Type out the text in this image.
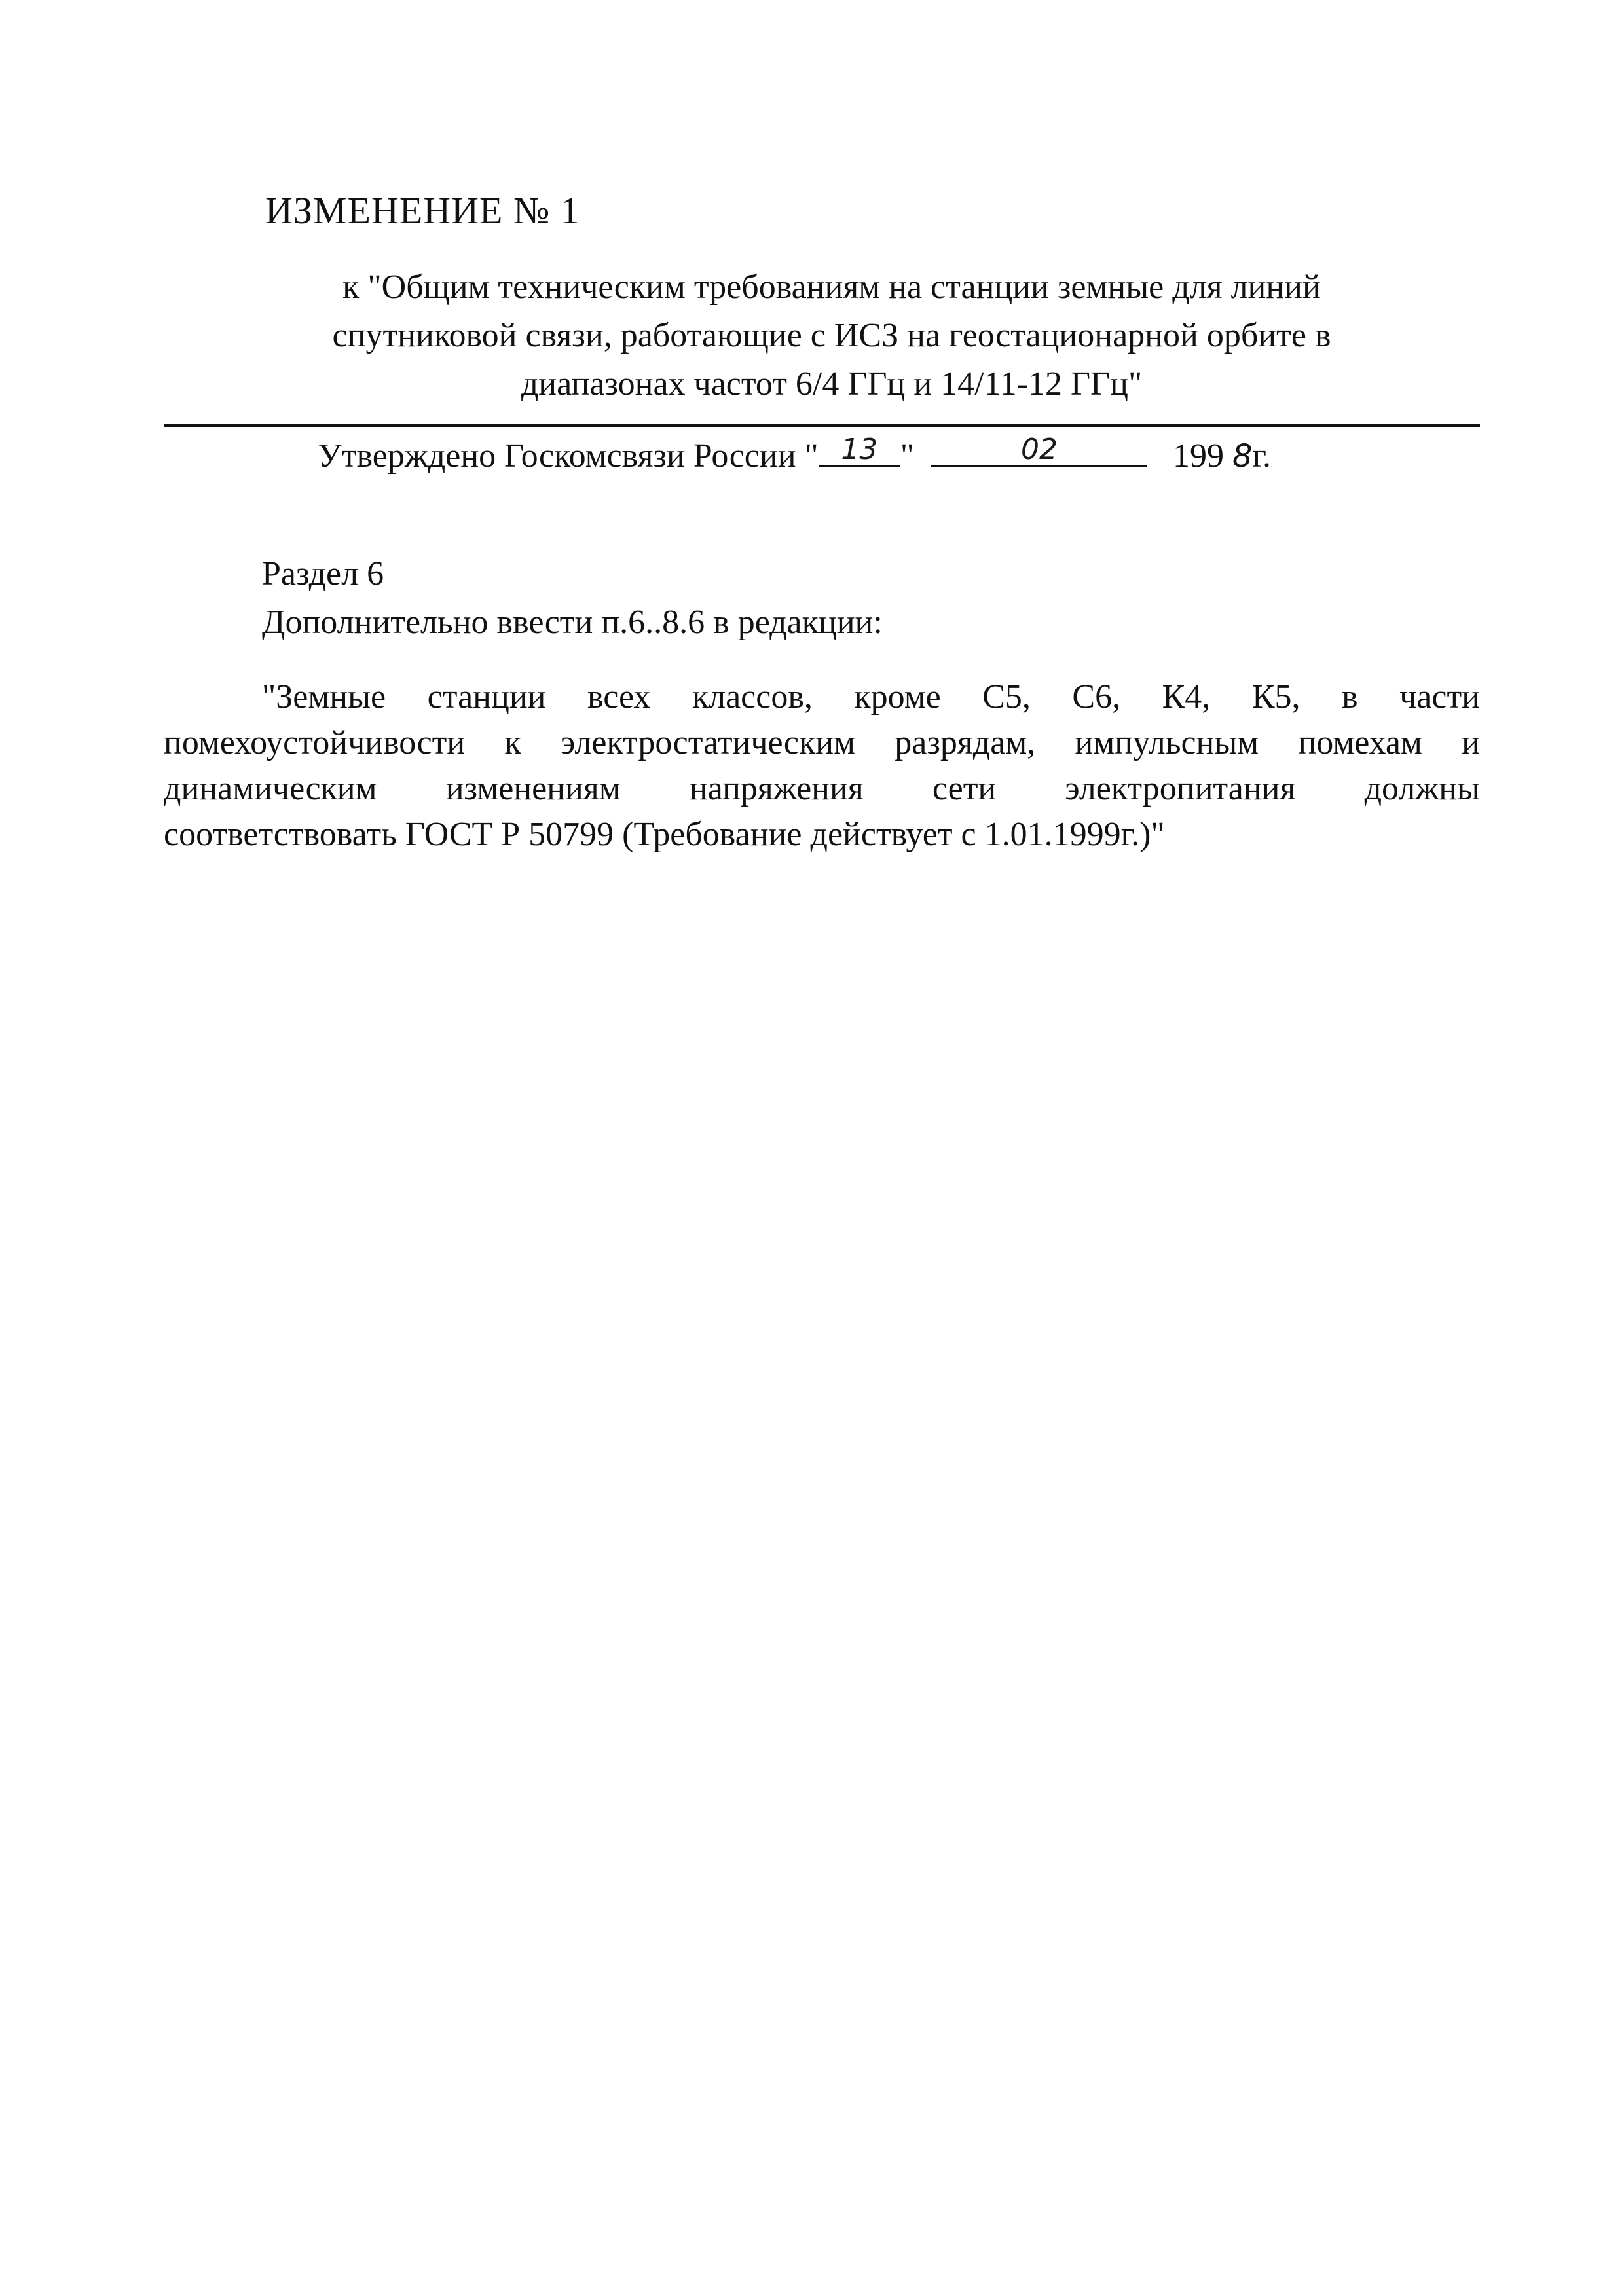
ИЗМЕНЕНИЕ № 1
к "Общим техническим требованиям на станции земные для линий
спутниковой связи, работающие с ИСЗ на геостационарной орбите в
диапазонах частот 6/4 ГГц и 14/11-12 ГГц"
Утверждено Госкомсвязи России " 13 "	02	199 8г.
Раздел 6
Дополнительно ввести п.6..8.6 в редакции:
"Земные станции всех классов, кроме С5, С6, К4, К5, в части
помехоустойчивости к электростатическим разрядам, импульсным помехам и
динамическим изменениям напряжения сети электропитания должны
соответствовать ГОСТ Р 50799 (Требование действует с 1.01.1999г.)"
